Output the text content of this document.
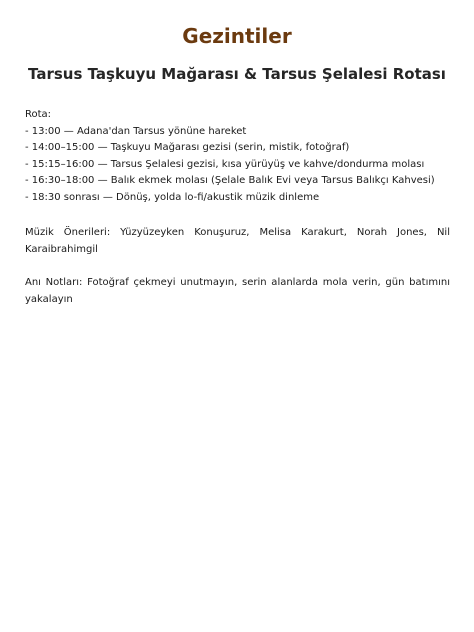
Gezintiler
Tarsus Taşkuyu Mağarası & Tarsus Şelalesi Rotası
Rota:
- 13:00 — Adana'dan Tarsus yönüne hareket
- 14:00–15:00 — Taşkuyu Mağarası gezisi (serin, mistik, fotoğraf)
- 15:15–16:00 — Tarsus Şelalesi gezisi, kısa yürüyüş ve kahve/dondurma molası
- 16:30–18:00 — Balık ekmek molası (Şelale Balık Evi veya Tarsus Balıkçı Kahvesi)
- 18:30 sonrası — Dönüş, yolda lo-fi/akustik müzik dinleme

Müzik Önerileri: Yüzyüzeyken Konuşuruz, Melisa Karakurt, Norah Jones, Nil Karaibrahimgil

Anı Notları: Fotoğraf çekmeyi unutmayın, serin alanlarda mola verin, gün batımını yakalayın
